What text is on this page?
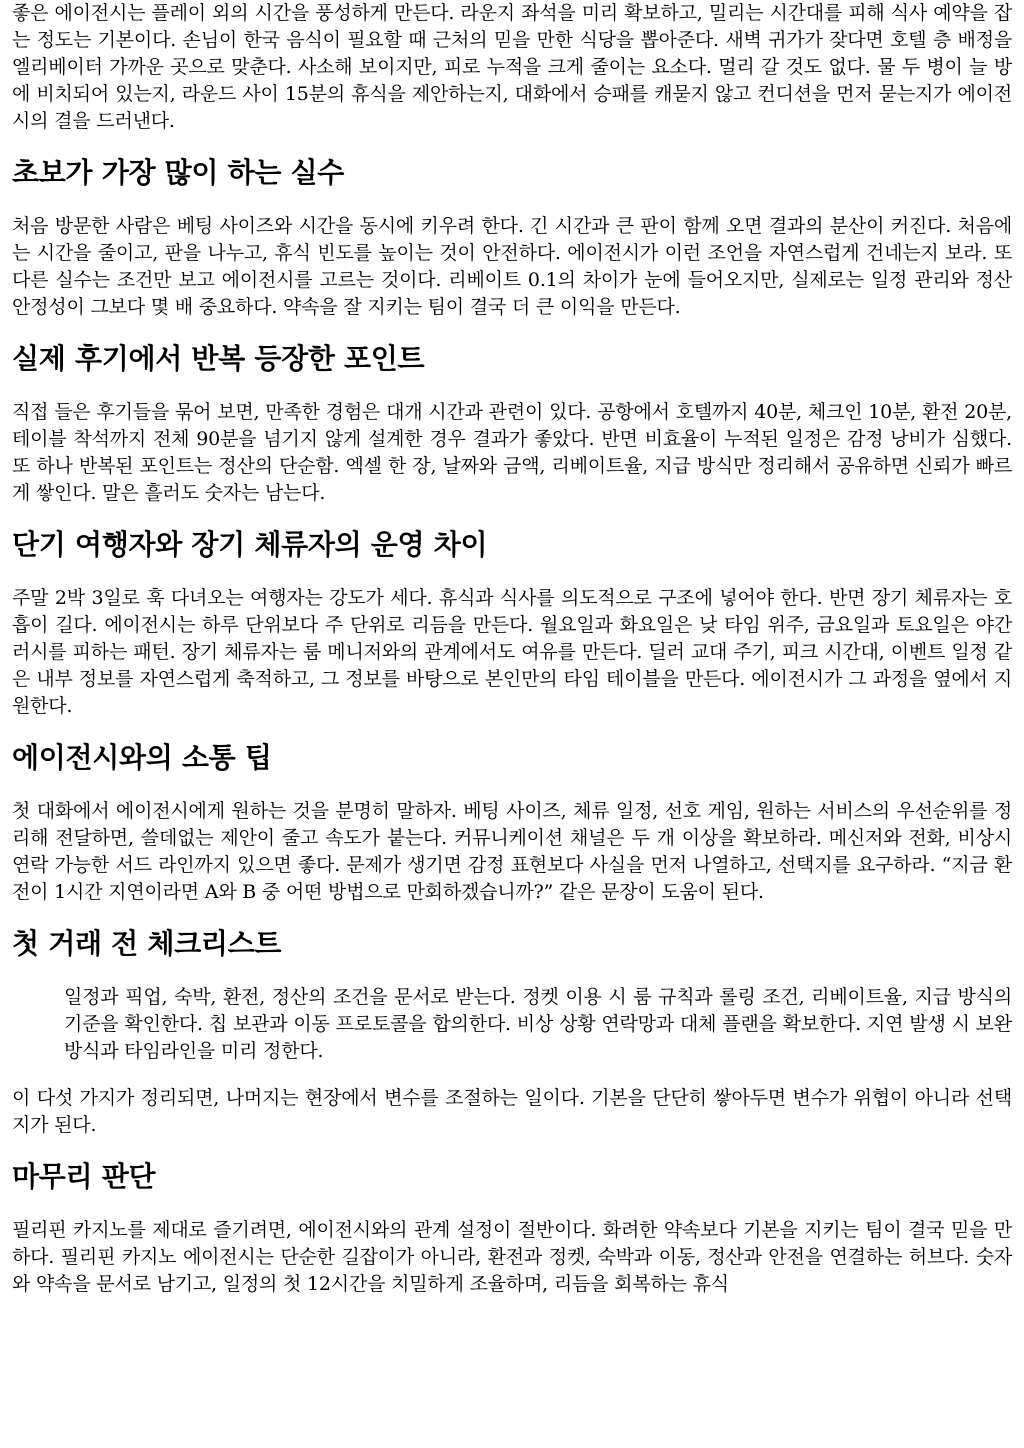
좋은 에이전시는 플레이 외의 시간을 풍성하게 만든다. 라운지 좌석을 미리 확보하고, 밀리는 시간대를 피해 식사 예약을 잡는 정도는 기본이다. 손님이 한국 음식이 필요할 때 근처의 믿을 만한 식당을 뽑아준다. 새벽 귀가가 잦다면 호텔 층 배정을 엘리베이터 가까운 곳으로 맞춘다. 사소해 보이지만, 피로 누적을 크게 줄이는 요소다. 멀리 갈 것도 없다. 물 두 병이 늘 방에 비치되어 있는지, 라운드 사이 15분의 휴식을 제안하는지, 대화에서 승패를 캐묻지 않고 컨디션을 먼저 묻는지가 에이전시의 결을 드러낸다.

초보가 가장 많이 하는 실수

처음 방문한 사람은 베팅 사이즈와 시간을 동시에 키우려 한다. 긴 시간과 큰 판이 함께 오면 결과의 분산이 커진다. 처음에는 시간을 줄이고, 판을 나누고, 휴식 빈도를 높이는 것이 안전하다. 에이전시가 이런 조언을 자연스럽게 건네는지 보라. 또 다른 실수는 조건만 보고 에이전시를 고르는 것이다. 리베이트 0.1의 차이가 눈에 들어오지만, 실제로는 일정 관리와 정산 안정성이 그보다 몇 배 중요하다. 약속을 잘 지키는 팀이 결국 더 큰 이익을 만든다.

실제 후기에서 반복 등장한 포인트

직접 들은 후기들을 묶어 보면, 만족한 경험은 대개 시간과 관련이 있다. 공항에서 호텔까지 40분, 체크인 10분, 환전 20분, 테이블 착석까지 전체 90분을 넘기지 않게 설계한 경우 결과가 좋았다. 반면 비효율이 누적된 일정은 감정 낭비가 심했다. 또 하나 반복된 포인트는 정산의 단순함. 엑셀 한 장, 날짜와 금액, 리베이트율, 지급 방식만 정리해서 공유하면 신뢰가 빠르게 쌓인다. 말은 흘러도 숫자는 남는다.

단기 여행자와 장기 체류자의 운영 차이

주말 2박 3일로 훅 다녀오는 여행자는 강도가 세다. 휴식과 식사를 의도적으로 구조에 넣어야 한다. 반면 장기 체류자는 호흡이 길다. 에이전시는 하루 단위보다 주 단위로 리듬을 만든다. 월요일과 화요일은 낮 타임 위주, 금요일과 토요일은 야간 러시를 피하는 패턴. 장기 체류자는 룸 메니저와의 관계에서도 여유를 만든다. 딜러 교대 주기, 피크 시간대, 이벤트 일정 같은 내부 정보를 자연스럽게 축적하고, 그 정보를 바탕으로 본인만의 타임 테이블을 만든다. 에이전시가 그 과정을 옆에서 지원한다.

에이전시와의 소통 팁

첫 대화에서 에이전시에게 원하는 것을 분명히 말하자. 베팅 사이즈, 체류 일정, 선호 게임, 원하는 서비스의 우선순위를 정리해 전달하면, 쓸데없는 제안이 줄고 속도가 붙는다. 커뮤니케이션 채널은 두 개 이상을 확보하라. 메신저와 전화, 비상시 연락 가능한 서드 라인까지 있으면 좋다. 문제가 생기면 감정 표현보다 사실을 먼저 나열하고, 선택지를 요구하라. “지금 환전이 1시간 지연이라면 A와 B 중 어떤 방법으로 만회하겠습니까?” 같은 문장이 도움이 된다.

첫 거래 전 체크리스트

일정과 픽업, 숙박, 환전, 정산의 조건을 문서로 받는다. 정켓 이용 시 룸 규칙과 롤링 조건, 리베이트율, 지급 방식의 기준을 확인한다. 칩 보관과 이동 프로토콜을 합의한다. 비상 상황 연락망과 대체 플랜을 확보한다. 지연 발생 시 보완 방식과 타임라인을 미리 정한다.

이 다섯 가지가 정리되면, 나머지는 현장에서 변수를 조절하는 일이다. 기본을 단단히 쌓아두면 변수가 위협이 아니라 선택지가 된다.

마무리 판단

필리핀 카지노를 제대로 즐기려면, 에이전시와의 관계 설정이 절반이다. 화려한 약속보다 기본을 지키는 팀이 결국 믿을 만하다. 필리핀 카지노 에이전시는 단순한 길잡이가 아니라, 환전과 정켓, 숙박과 이동, 정산과 안전을 연결하는 허브다. 숫자와 약속을 문서로 남기고, 일정의 첫 12시간을 치밀하게 조율하며, 리듬을 회복하는 휴식
